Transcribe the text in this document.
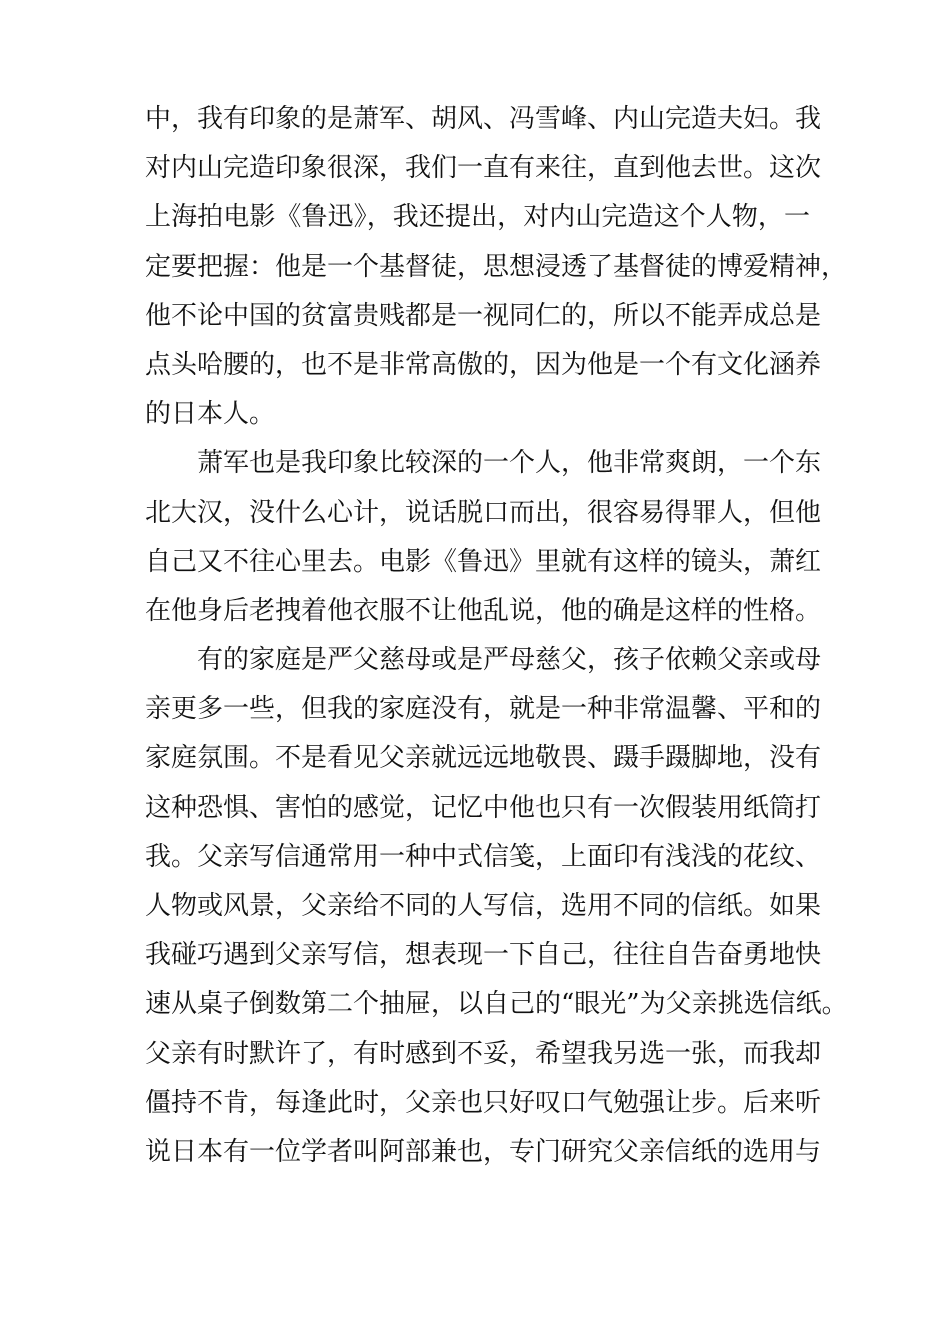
中，我有印象的是萧军、胡风、冯雪峰、内山完造夫妇。我
对内山完造印象很深，我们一直有来往，直到他去世。这次
上海拍电影《鲁迅》，我还提出，对内山完造这个人物，一
定要把握：他是一个基督徒，思想浸透了基督徒的博爱精神，
他不论中国的贫富贵贱都是一视同仁的，所以不能弄成总是
点头哈腰的，也不是非常高傲的，因为他是一个有文化涵养
的日本人。
萧军也是我印象比较深的一个人，他非常爽朗，一个东
北大汉，没什么心计，说话脱口而出，很容易得罪人，但他
自己又不往心里去。电影《鲁迅》里就有这样的镜头，萧红
在他身后老拽着他衣服不让他乱说，他的确是这样的性格。
有的家庭是严父慈母或是严母慈父，孩子依赖父亲或母
亲更多一些，但我的家庭没有，就是一种非常温馨、平和的
家庭氛围。不是看见父亲就远远地敬畏、蹑手蹑脚地，没有
这种恐惧、害怕的感觉，记忆中他也只有一次假装用纸筒打
我。父亲写信通常用一种中式信笺，上面印有浅浅的花纹、
人物或风景，父亲给不同的人写信，选用不同的信纸。如果
我碰巧遇到父亲写信，想表现一下自己，往往自告奋勇地快
速从桌子倒数第二个抽屉，以自己的“眼光”为父亲挑选信纸。
父亲有时默许了，有时感到不妥，希望我另选一张，而我却
僵持不肯，每逢此时，父亲也只好叹口气勉强让步。后来听
说日本有一位学者叫阿部兼也，专门研究父亲信纸的选用与
